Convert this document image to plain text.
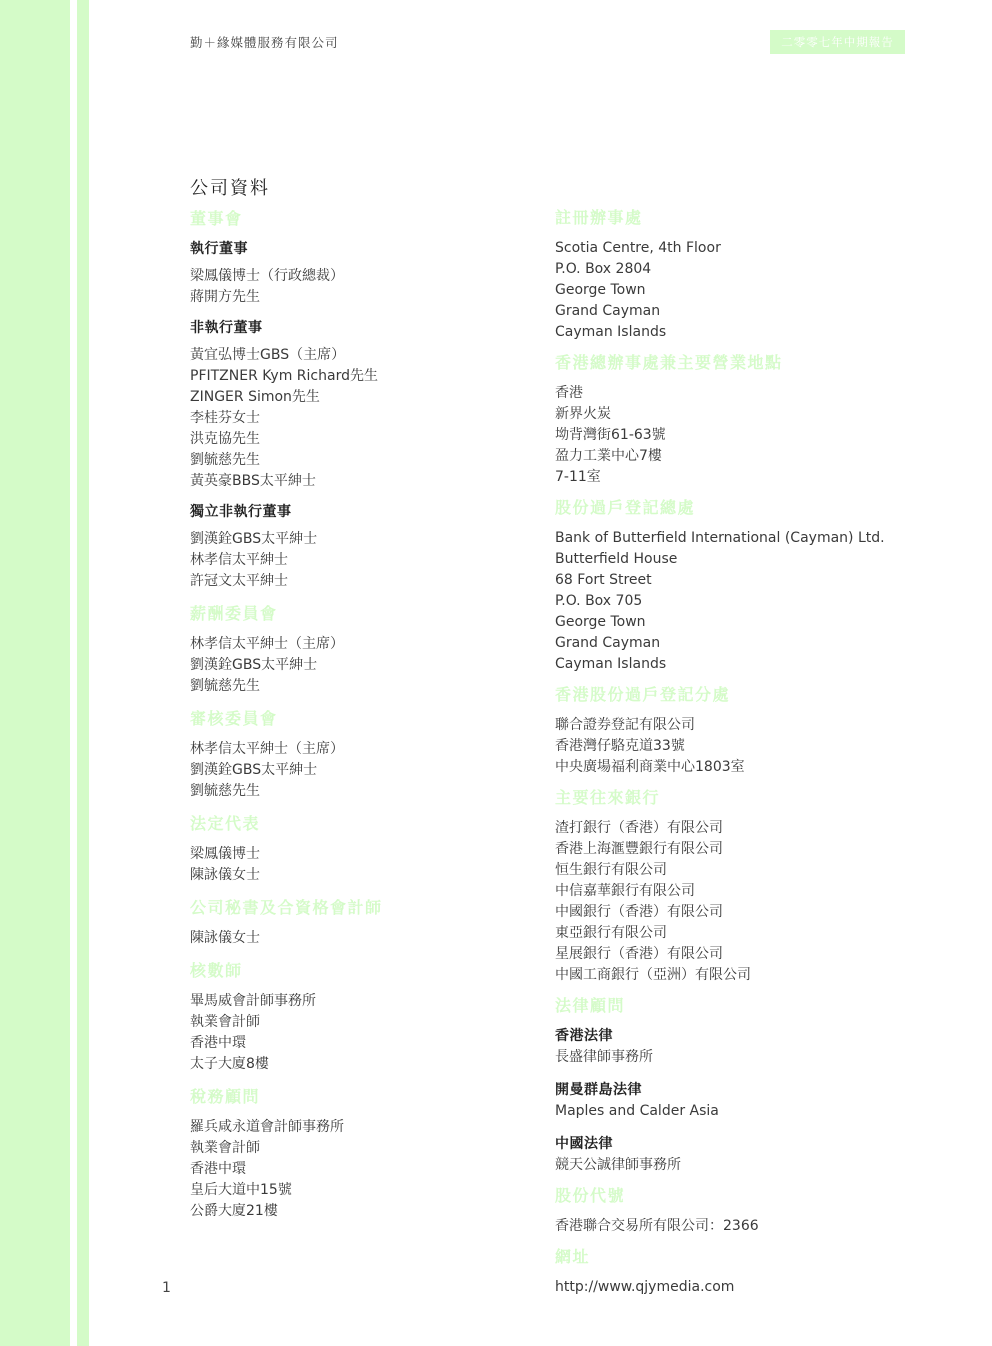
勤＋緣媒體服務有限公司	二零零七年中期報告
公司資料
董事會
執行董事
梁鳳儀博士（行政總裁）
蔣開方先生
非執行董事
黃宜弘博士GBS（主席）
PFITZNER Kym Richard先生
ZINGER Simon先生
李桂芬女士
洪克協先生
劉毓慈先生
黃英豪BBS太平紳士
獨立非執行董事
劉漢銓GBS太平紳士
林孝信太平紳士
許冠文太平紳士
薪酬委員會
林孝信太平紳士（主席）
劉漢銓GBS太平紳士
劉毓慈先生
審核委員會
林孝信太平紳士（主席）
劉漢銓GBS太平紳士
劉毓慈先生
法定代表
梁鳳儀博士
陳詠儀女士
公司秘書及合資格會計師
陳詠儀女士
核數師
畢馬威會計師事務所
執業會計師
香港中環
太子大廈8樓
稅務顧問
羅兵咸永道會計師事務所
執業會計師
香港中環
皇后大道中15號
公爵大廈21樓
註冊辦事處
Scotia Centre, 4th Floor
P.O. Box 2804
George Town
Grand Cayman
Cayman Islands
香港總辦事處兼主要營業地點
香港
新界火炭
坳背灣街61-63號
盈力工業中心7樓
7-11室
股份過戶登記總處
Bank of Butterfield International (Cayman) Ltd.
Butterfield House
68 Fort Street
P.O. Box 705
George Town
Grand Cayman
Cayman Islands
香港股份過戶登記分處
聯合證券登記有限公司
香港灣仔駱克道33號
中央廣場福利商業中心1803室
主要往來銀行
渣打銀行（香港）有限公司
香港上海滙豐銀行有限公司
恒生銀行有限公司
中信嘉華銀行有限公司
中國銀行（香港）有限公司
東亞銀行有限公司
星展銀行（香港）有限公司
中國工商銀行（亞洲）有限公司
法律顧問
香港法律
長盛律師事務所
開曼群島法律
Maples and Calder Asia
中國法律
競天公誠律師事務所
股份代號
香港聯合交易所有限公司：2366
網址
http://www.qjymedia.com
1
